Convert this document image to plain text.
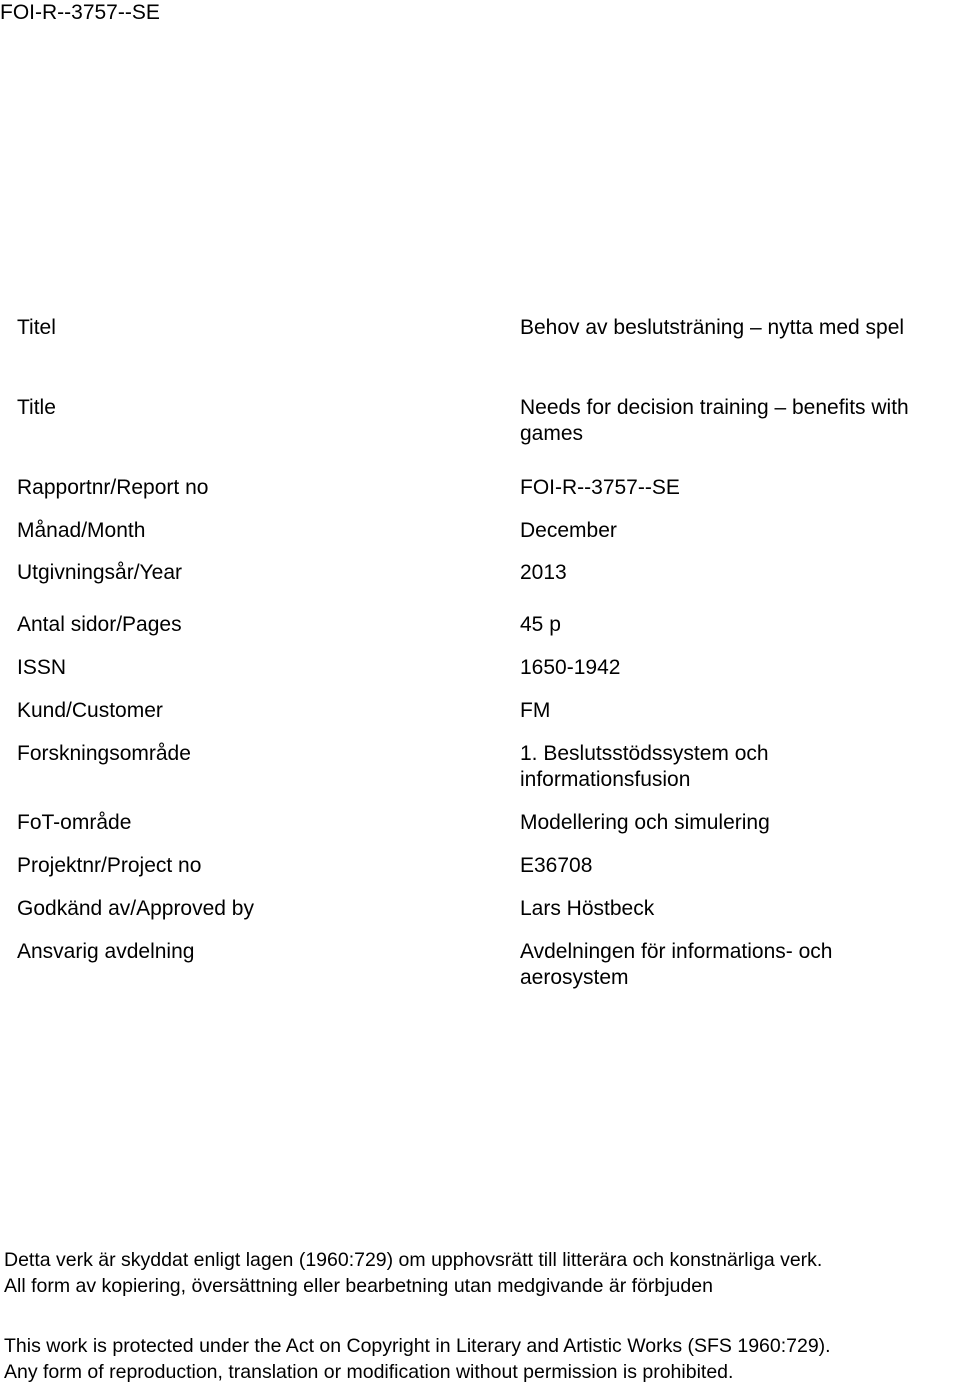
FOI-R--3757--SE
Titel	Behov av beslutsträning – nytta med spel
Title	Needs for decision training – benefits with games
Rapportnr/Report no	FOI-R--3757--SE
Månad/Month	December
Utgivningsår/Year	2013
Antal sidor/Pages	45 p
ISSN	1650-1942
Kund/Customer	FM
Forskningsområde	1. Beslutsstödssystem och informationsfusion
FoT-område	Modellering och simulering
Projektnr/Project no	E36708
Godkänd av/Approved by	Lars Höstbeck
Ansvarig avdelning	Avdelningen för informations- och aerosystem
Detta verk är skyddat enligt lagen (1960:729) om upphovsrätt till litterära och konstnärliga verk.
All form av kopiering, översättning eller bearbetning utan medgivande är förbjuden
This work is protected under the Act on Copyright in Literary and Artistic Works (SFS 1960:729).
Any form of reproduction, translation or modification without permission is prohibited.
